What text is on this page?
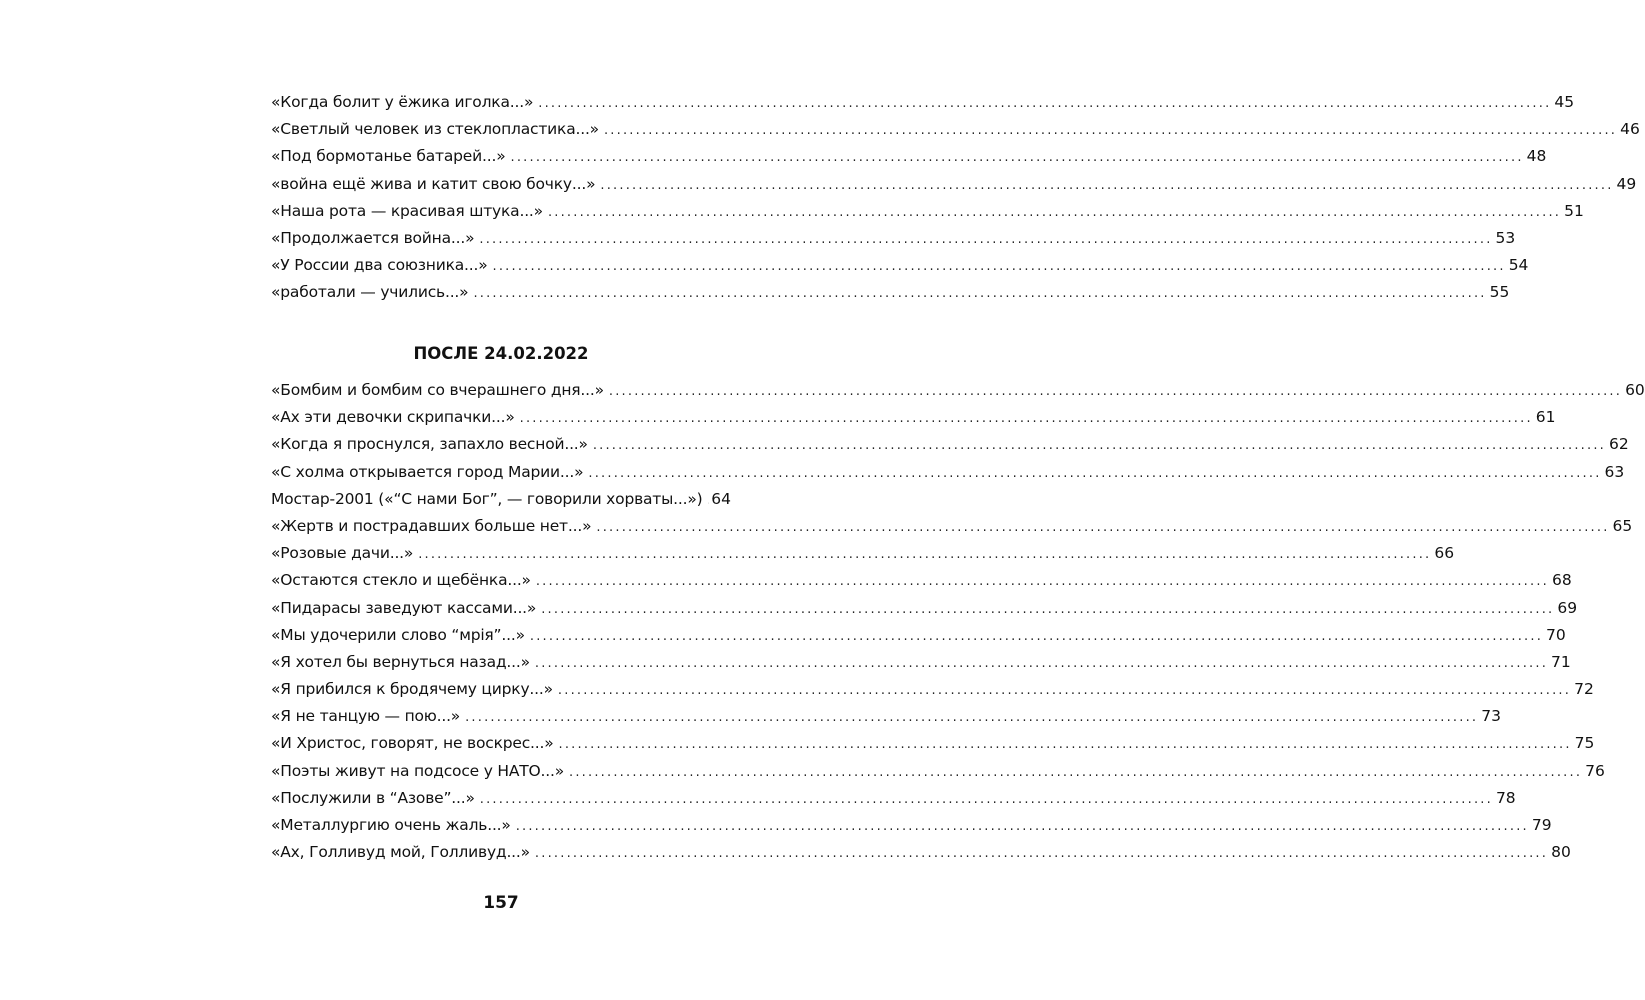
«Когда болит у ёжика иголка...» ................................................................................................................................................................ 45
«Светлый человек из стеклопластика...» ................................................................................................................................................................ 46
«Под бормотанье батарей...» ................................................................................................................................................................ 48
«война ещё жива и катит свою бочку...» ................................................................................................................................................................ 49
«Наша рота — красивая штука...» ................................................................................................................................................................ 51
«Продолжается война...» ................................................................................................................................................................ 53
«У России два союзника...» ................................................................................................................................................................ 54
«работали — учились...» ................................................................................................................................................................ 55
ПОСЛЕ 24.02.2022
«Бомбим и бомбим со вчерашнего дня...» ................................................................................................................................................................ 60
«Ах эти девочки скрипачки...» ................................................................................................................................................................ 61
«Когда я проснулся, запахло весной...» ................................................................................................................................................................ 62
«С холма открывается город Марии...» ................................................................................................................................................................ 63
Мостар-2001 («“С нами Бог”, — говорили хорваты...») 64
«Жертв и пострадавших больше нет...» ................................................................................................................................................................ 65
«Розовые дачи...» ................................................................................................................................................................ 66
«Остаются стекло и щебёнка...» ................................................................................................................................................................ 68
«Пидарасы заведуют кассами...» ................................................................................................................................................................ 69
«Мы удочерили слово “мрія”...» ................................................................................................................................................................ 70
«Я хотел бы вернуться назад...» ................................................................................................................................................................ 71
«Я прибился к бродячему цирку...» ................................................................................................................................................................ 72
«Я не танцую — пою...» ................................................................................................................................................................ 73
«И Христос, говорят, не воскрес...» ................................................................................................................................................................ 75
«Поэты живут на подсосе у НАТО...» ................................................................................................................................................................ 76
«Послужили в “Азове”...» ................................................................................................................................................................ 78
«Металлургию очень жаль...» ................................................................................................................................................................ 79
«Ах, Голливуд мой, Голливуд...» ................................................................................................................................................................ 80
157
